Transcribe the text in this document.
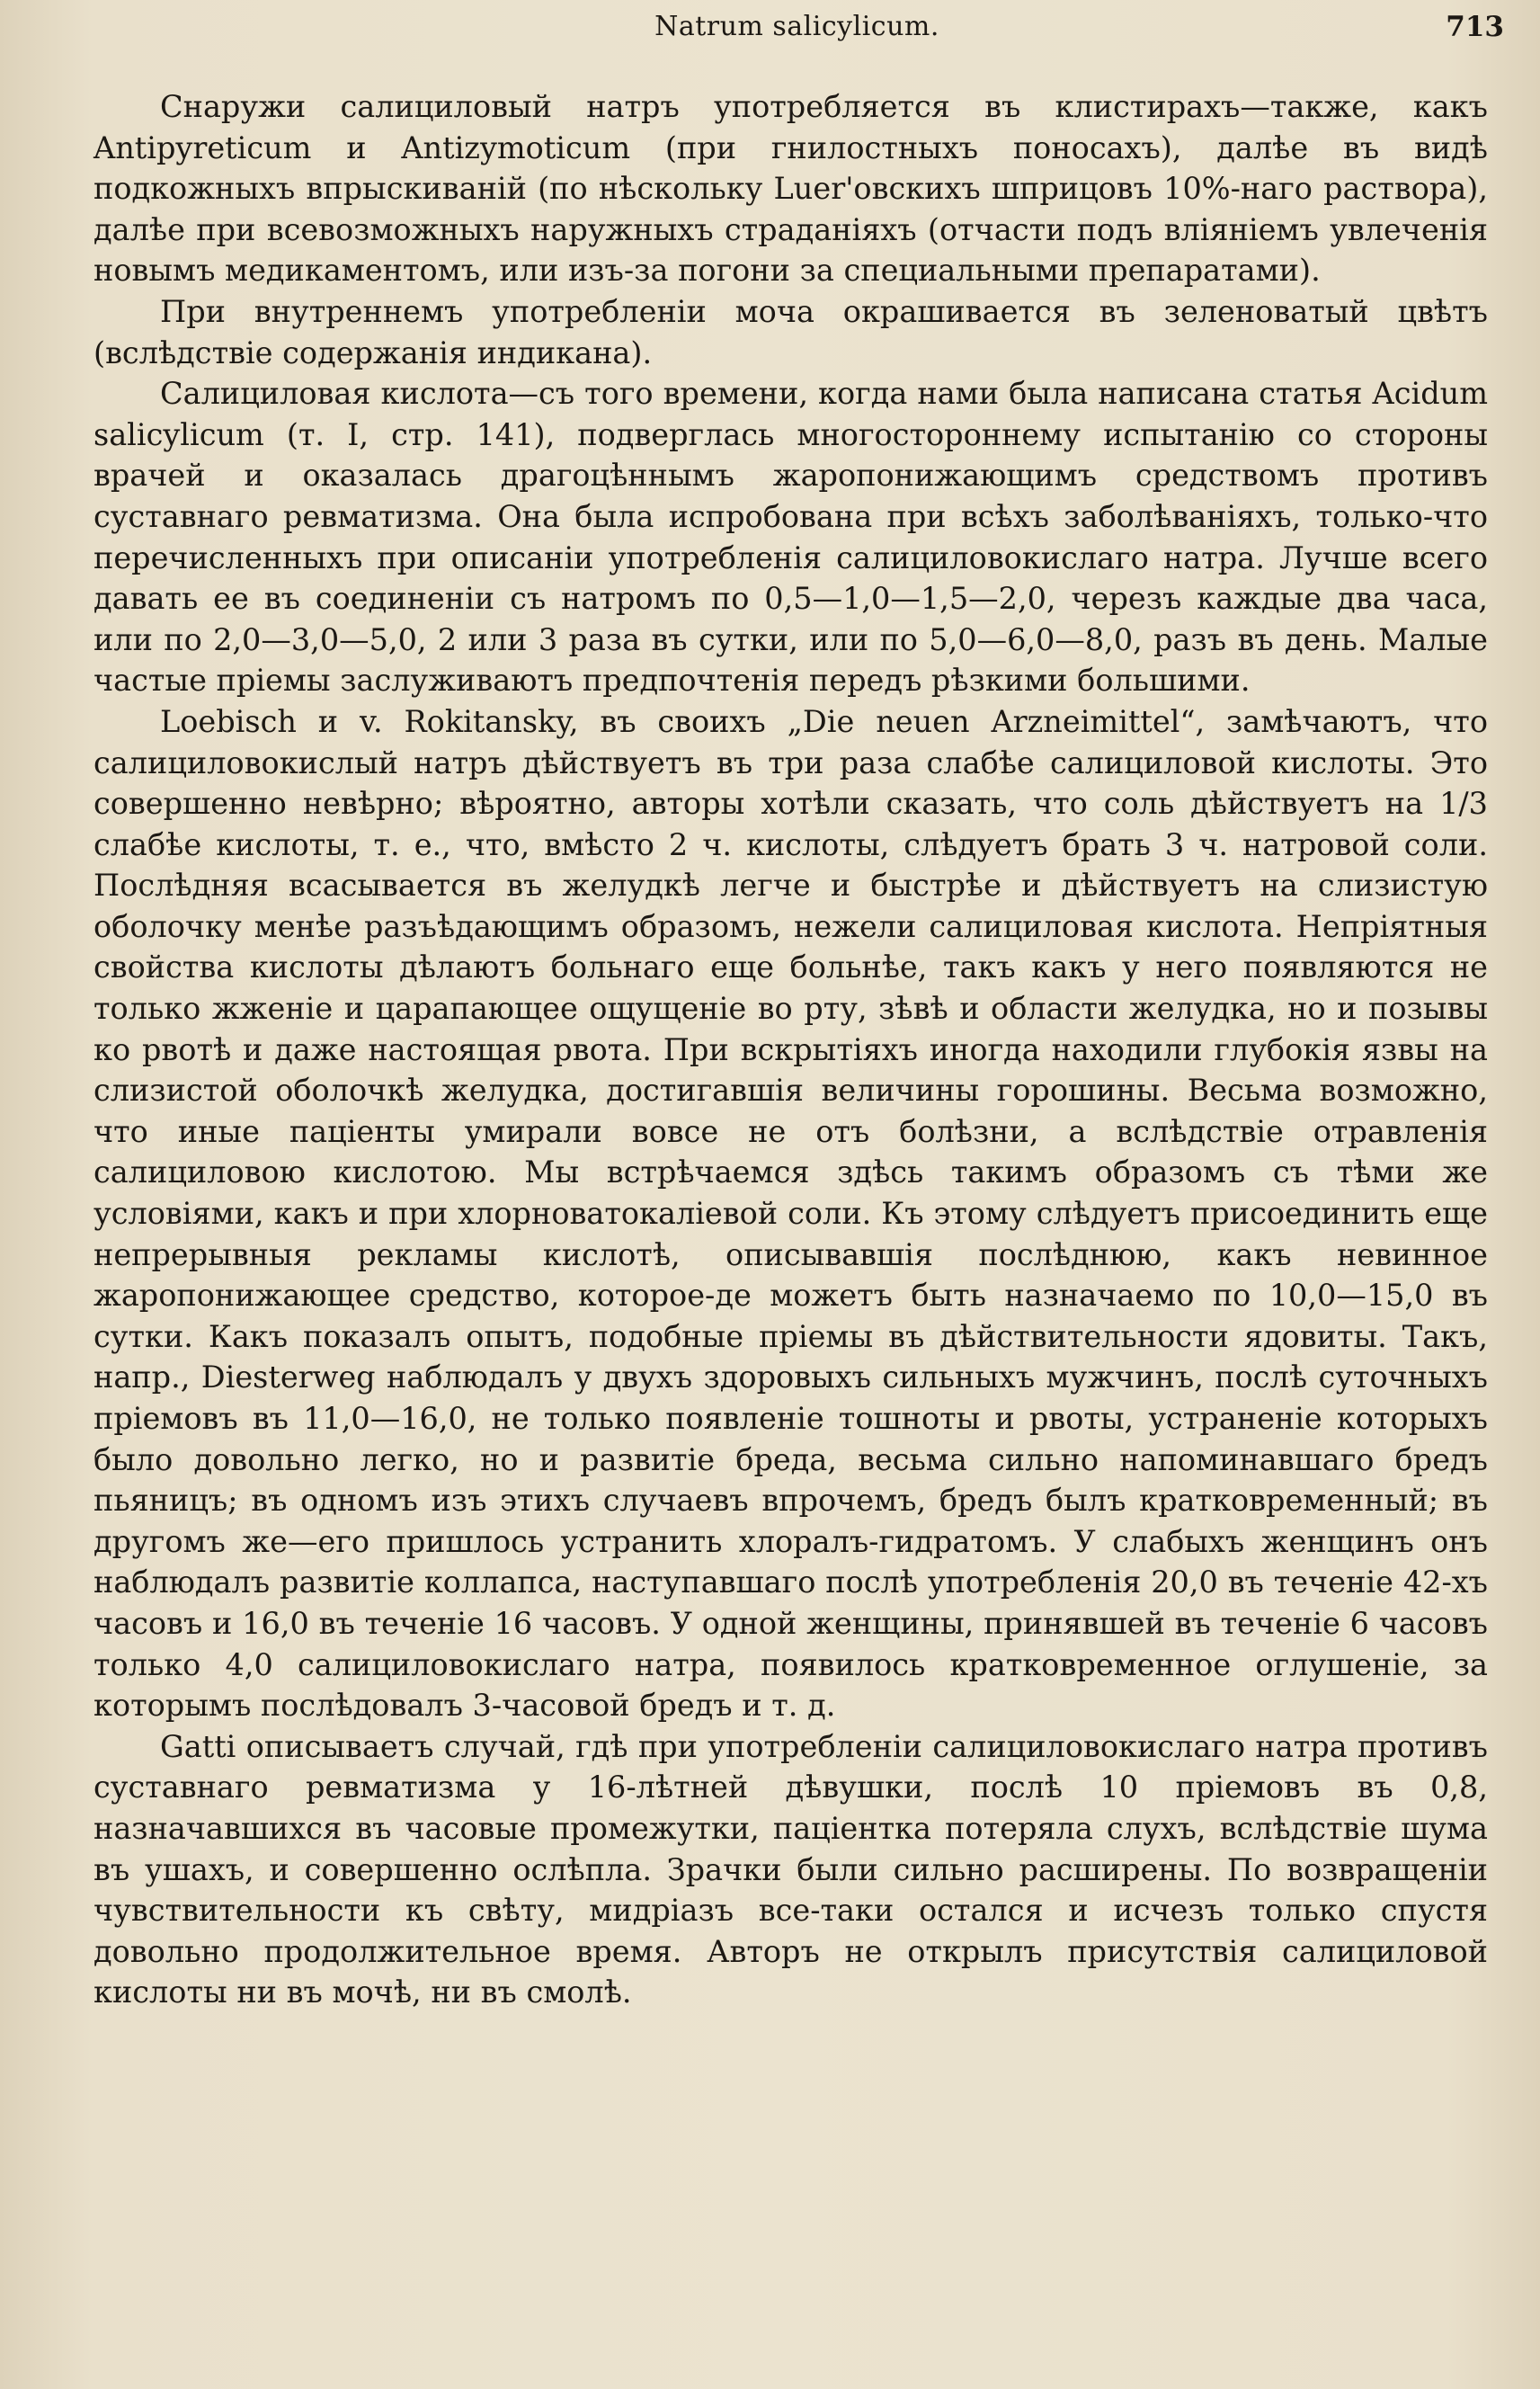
Natrum salicylicum.	713

Снаружи салициловый натръ употребляется въ клистирахъ—также, какъ Antipyreticum и Antizymoticum (при гнилостныхъ поносахъ), далѣе въ видѣ подкожныхъ впрыскиваній (по нѣскольку Luer'овскихъ шприцовъ 10%-наго раствора), далѣе при всевозможныхъ наружныхъ страданіяхъ (отчасти подъ вліяніемъ увлеченія новымъ медикаментомъ, или изъ-за погони за специальными препаратами).

При внутреннемъ употребленіи моча окрашивается въ зеленоватый цвѣтъ (вслѣдствіе содержанія индикана).

Салициловая кислота—съ того времени, когда нами была написана статья Acidum salicylicum (т. I, стр. 141), подверглась многостороннему испытанію со стороны врачей и оказалась драгоцѣннымъ жаропонижающимъ средствомъ противъ суставнаго ревматизма. Она была испробована при всѣхъ заболѣваніяхъ, только-что перечисленныхъ при описаніи употребленія салициловокислаго натра. Лучше всего давать ее въ соединеніи съ натромъ по 0,5—1,0—1,5—2,0, черезъ каждые два часа, или по 2,0—3,0—5,0, 2 или 3 раза въ сутки, или по 5,0—6,0—8,0, разъ въ день. Малые частые пріемы заслуживаютъ предпочтенія передъ рѣзкими большими.

Loebisch и v. Rokitansky, въ своихъ „Die neuen Arzneimittel“, замѣчаютъ, что салициловокислый натръ дѣйствуетъ въ три раза слабѣе салициловой кислоты. Это совершенно невѣрно; вѣроятно, авторы хотѣли сказать, что соль дѣйствуетъ на 1/3 слабѣе кислоты, т. е., что, вмѣсто 2 ч. кислоты, слѣдуетъ брать 3 ч. натровой соли. Послѣдняя всасывается въ желудкѣ легче и быстрѣе и дѣйствуетъ на слизистую оболочку менѣе разъѣдающимъ образомъ, нежели салициловая кислота. Непріятныя свойства кислоты дѣлаютъ больнаго еще больнѣе, такъ какъ у него появляются не только жженіе и царапающее ощущеніе во рту, зѣвѣ и области желудка, но и позывы ко рвотѣ и даже настоящая рвота. При вскрытіяхъ иногда находили глубокія язвы на слизистой оболочкѣ желудка, достигавшія величины горошины. Весьма возможно, что иные паціенты умирали вовсе не отъ болѣзни, а вслѣдствіе отравленія салициловою кислотою. Мы встрѣчаемся здѣсь такимъ образомъ съ тѣми же условіями, какъ и при хлорноватокаліевой соли. Къ этому слѣдуетъ присоединить еще непрерывныя рекламы кислотѣ, описывавшія послѣднюю, какъ невинное жаропонижающее средство, которое-де можетъ быть назначаемо по 10,0—15,0 въ сутки. Какъ показалъ опытъ, подобные пріемы въ дѣйствительности ядовиты. Такъ, напр., Diesterweg наблюдалъ у двухъ здоровыхъ сильныхъ мужчинъ, послѣ суточныхъ пріемовъ въ 11,0—16,0, не только появленіе тошноты и рвоты, устраненіе которыхъ было довольно легко, но и развитіе бреда, весьма сильно напоминавшаго бредъ пьяницъ; въ одномъ изъ этихъ случаевъ впрочемъ, бредъ былъ кратковременный; въ другомъ же—его пришлось устранить хлоралъ-гидратомъ. У слабыхъ женщинъ онъ наблюдалъ развитіе коллапса, наступавшаго послѣ употребленія 20,0 въ теченіе 42-хъ часовъ и 16,0 въ теченіе 16 часовъ. У одной женщины, принявшей въ теченіе 6 часовъ только 4,0 салициловокислаго натра, появилось кратковременное оглушеніе, за которымъ послѣдовалъ 3-часовой бредъ и т. д.

Gatti описываетъ случай, гдѣ при употребленіи салициловокислаго натра противъ суставнаго ревматизма у 16-лѣтней дѣвушки, послѣ 10 пріемовъ въ 0,8, назначавшихся въ часовые промежутки, паціентка потеряла слухъ, вслѣдствіе шума въ ушахъ, и совершенно ослѣпла. Зрачки были сильно расширены. По возвращеніи чувствительности къ свѣту, мидріазъ все-таки остался и исчезъ только спустя довольно продолжительное время. Авторъ не открылъ присутствія салициловой кислоты ни въ мочѣ, ни въ смолѣ.
